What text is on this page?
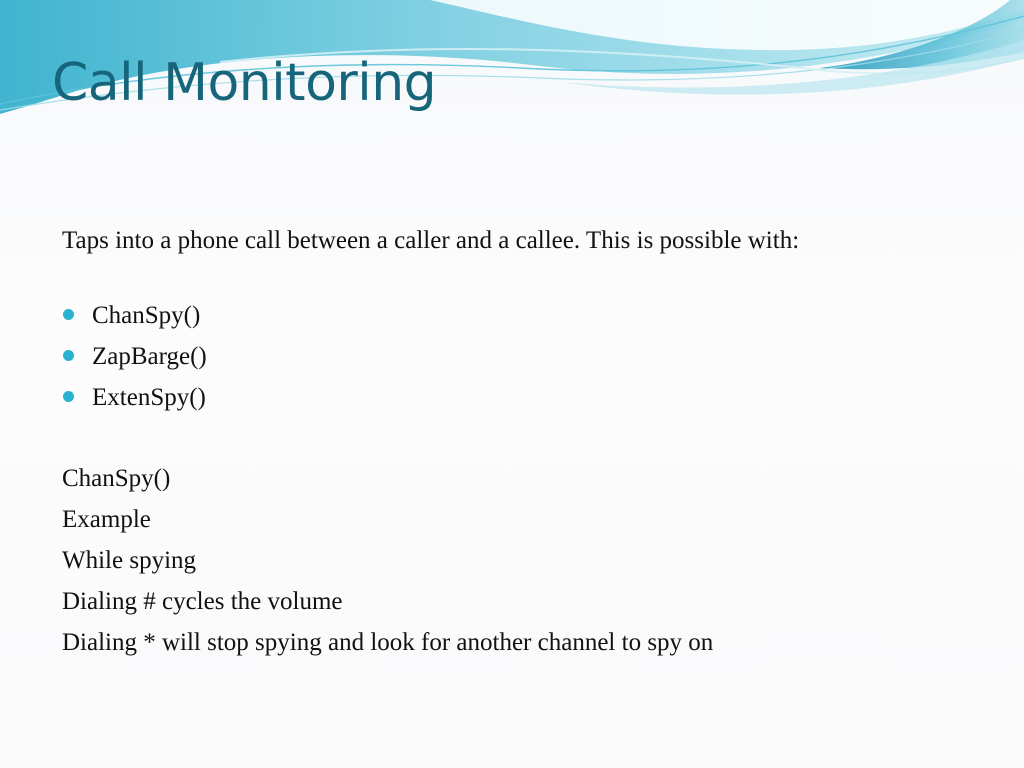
Call Monitoring

Taps into a phone call between a caller and a callee. This is possible with:

ChanSpy()
ZapBarge()
ExtenSpy()
ChanSpy()
Example
While spying
Dialing # cycles the volume
Dialing * will stop spying and look for another channel to spy on
